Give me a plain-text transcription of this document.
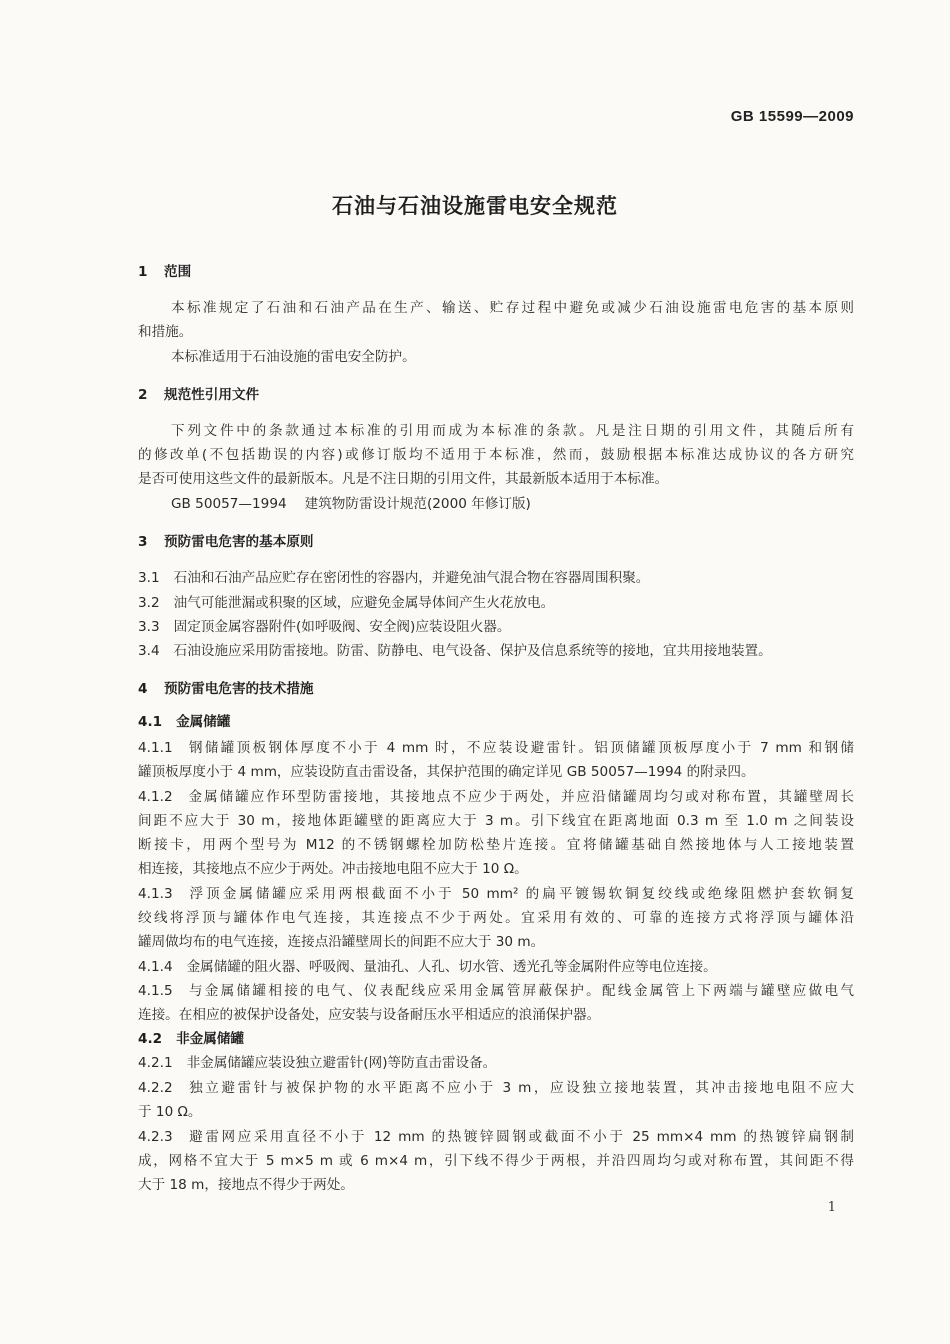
GB 15599—2009
石油与石油设施雷电安全规范
1 范围
本标准规定了石油和石油产品在生产、输送、贮存过程中避免或减少石油设施雷电危害的基本原则
和措施。
本标准适用于石油设施的雷电安全防护。
2 规范性引用文件
下列文件中的条款通过本标准的引用而成为本标准的条款。凡是注日期的引用文件，其随后所有
的修改单(不包括勘误的内容)或修订版均不适用于本标准，然而，鼓励根据本标准达成协议的各方研究
是否可使用这些文件的最新版本。凡是不注日期的引用文件，其最新版本适用于本标准。
GB 50057—1994 建筑物防雷设计规范(2000 年修订版)
3 预防雷电危害的基本原则
3.1 石油和石油产品应贮存在密闭性的容器内，并避免油气混合物在容器周围积聚。
3.2 油气可能泄漏或积聚的区域，应避免金属导体间产生火花放电。
3.3 固定顶金属容器附件(如呼吸阀、安全阀)应装设阻火器。
3.4 石油设施应采用防雷接地。防雷、防静电、电气设备、保护及信息系统等的接地，宜共用接地装置。
4 预防雷电危害的技术措施
4.1 金属储罐
4.1.1 钢储罐顶板钢体厚度不小于 4 mm 时，不应装设避雷针。铝顶储罐顶板厚度小于 7 mm 和钢储
罐顶板厚度小于 4 mm，应装设防直击雷设备，其保护范围的确定详见 GB 50057—1994 的附录四。
4.1.2 金属储罐应作环型防雷接地，其接地点不应少于两处，并应沿储罐周均匀或对称布置，其罐壁周长
间距不应大于 30 m，接地体距罐壁的距离应大于 3 m。引下线宜在距离地面 0.3 m 至 1.0 m 之间装设
断接卡，用两个型号为 M12 的不锈钢螺栓加防松垫片连接。宜将储罐基础自然接地体与人工接地装置
相连接，其接地点不应少于两处。冲击接地电阻不应大于 10 Ω。
4.1.3 浮顶金属储罐应采用两根截面不小于 50 mm² 的扁平镀锡软铜复绞线或绝缘阻燃护套软铜复
绞线将浮顶与罐体作电气连接，其连接点不少于两处。宜采用有效的、可靠的连接方式将浮顶与罐体沿
罐周做均布的电气连接，连接点沿罐壁周长的间距不应大于 30 m。
4.1.4 金属储罐的阻火器、呼吸阀、量油孔、人孔、切水管、透光孔等金属附件应等电位连接。
4.1.5 与金属储罐相接的电气、仪表配线应采用金属管屏蔽保护。配线金属管上下两端与罐壁应做电气
连接。在相应的被保护设备处，应安装与设备耐压水平相适应的浪涌保护器。
4.2 非金属储罐
4.2.1 非金属储罐应装设独立避雷针(网)等防直击雷设备。
4.2.2 独立避雷针与被保护物的水平距离不应小于 3 m，应设独立接地装置，其冲击接地电阻不应大
于 10 Ω。
4.2.3 避雷网应采用直径不小于 12 mm 的热镀锌圆钢或截面不小于 25 mm×4 mm 的热镀锌扁钢制
成，网格不宜大于 5 m×5 m 或 6 m×4 m，引下线不得少于两根，并沿四周均匀或对称布置，其间距不得
大于 18 m，接地点不得少于两处。
1
